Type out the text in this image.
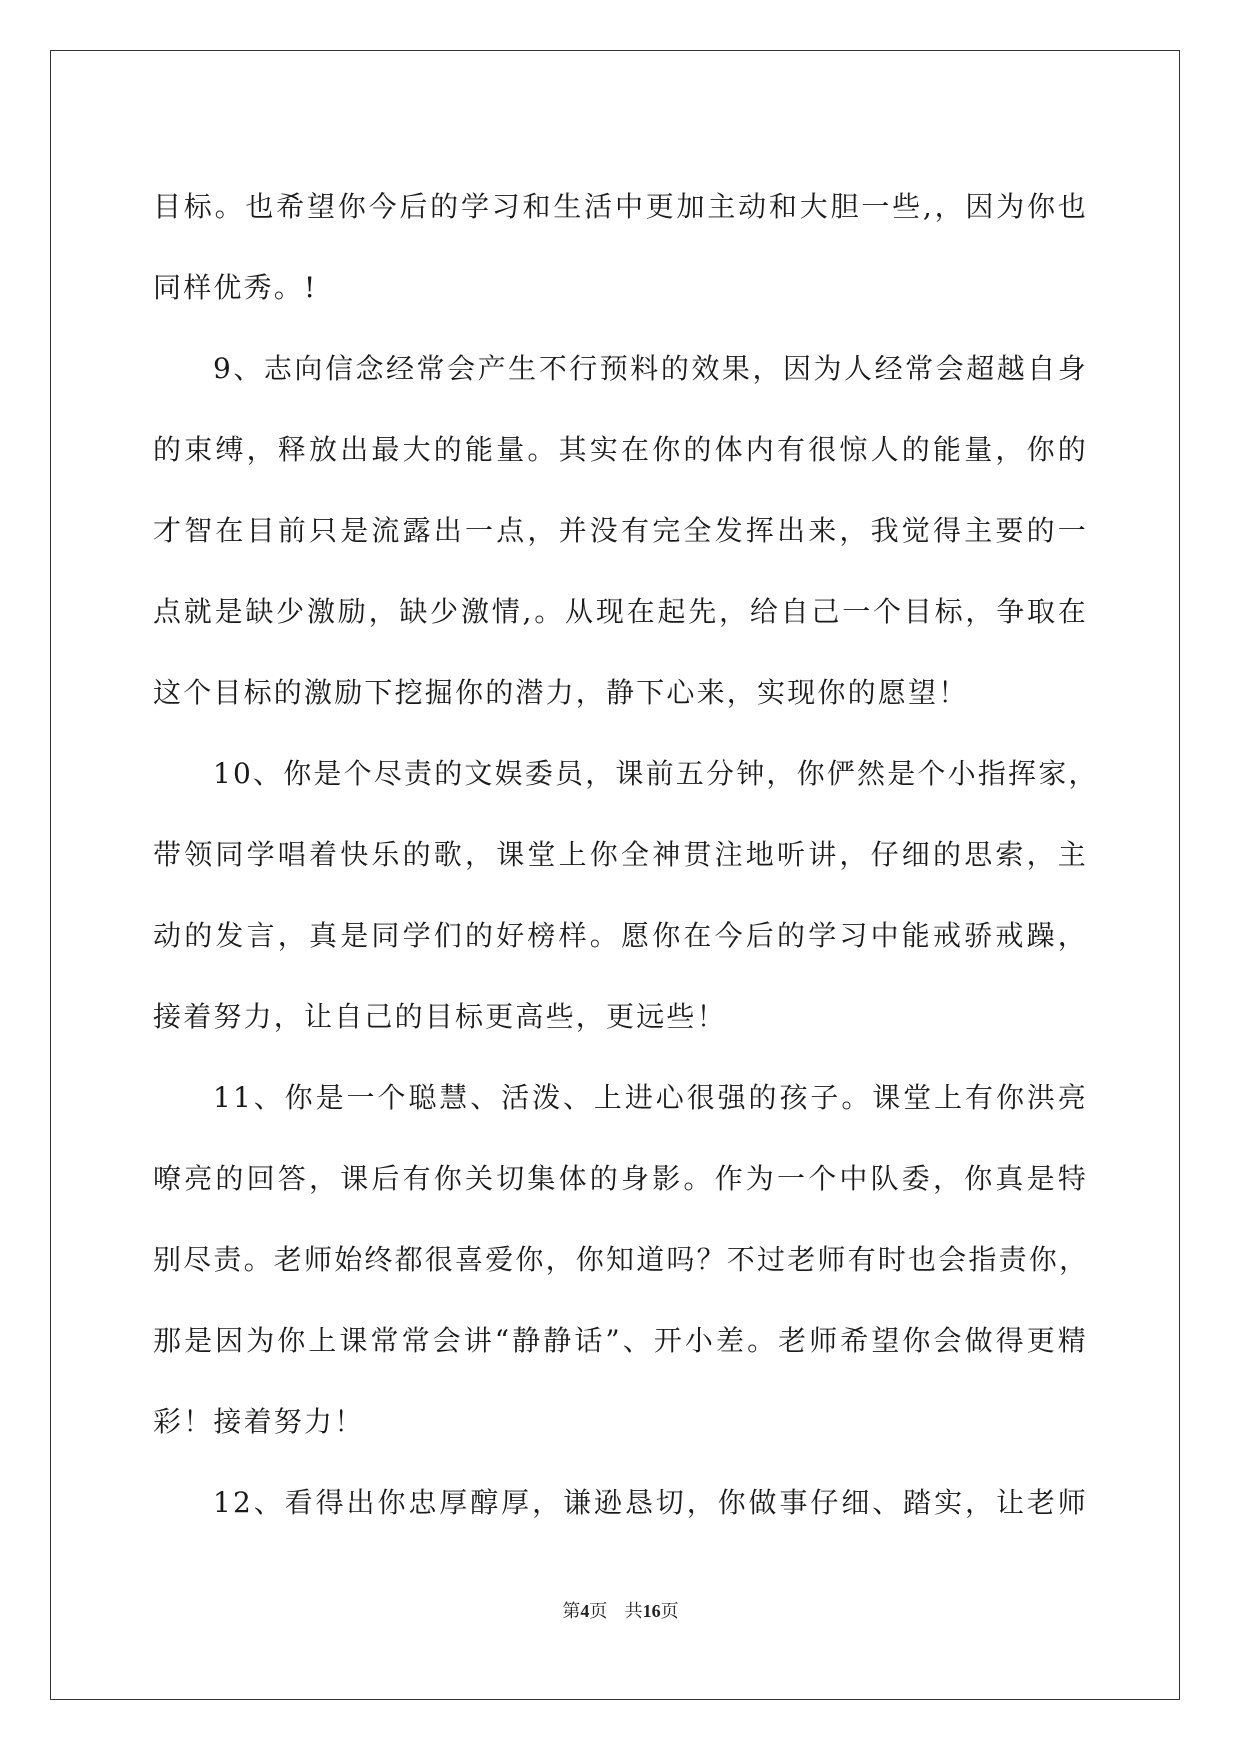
目标。也希望你今后的学习和生活中更加主动和大胆一些,，因为你也
同样优秀。!
9、志向信念经常会产生不行预料的效果，因为人经常会超越自身
的束缚，释放出最大的能量。其实在你的体内有很惊人的能量，你的
才智在目前只是流露出一点，并没有完全发挥出来，我觉得主要的一
点就是缺少激励，缺少激情,。从现在起先，给自己一个目标，争取在
这个目标的激励下挖掘你的潜力，静下心来，实现你的愿望！
10、你是个尽责的文娱委员，课前五分钟，你俨然是个小指挥家，
带领同学唱着快乐的歌，课堂上你全神贯注地听讲，仔细的思索，主
动的发言，真是同学们的好榜样。愿你在今后的学习中能戒骄戒躁，
接着努力，让自己的目标更高些，更远些！
11、你是一个聪慧、活泼、上进心很强的孩子。课堂上有你洪亮
嘹亮的回答，课后有你关切集体的身影。作为一个中队委，你真是特
别尽责。老师始终都很喜爱你，你知道吗？不过老师有时也会指责你，
那是因为你上课常常会讲“静静话”、开小差。老师希望你会做得更精
彩！接着努力！
12、看得出你忠厚醇厚，谦逊恳切，你做事仔细、踏实，让老师
第4页 共16页
